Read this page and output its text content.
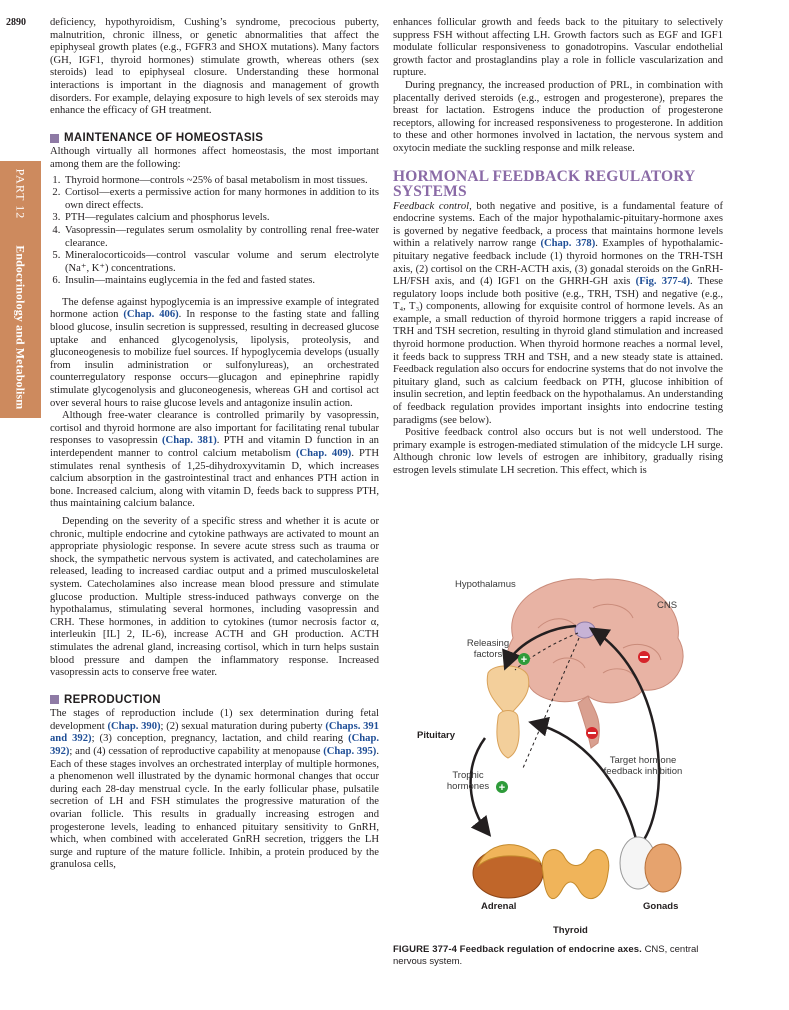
2890
PART 12Endocrinology and Metabolism

deficiency, hypothyroidism, Cushing’s syndrome, precocious puberty, malnutrition, chronic illness, or genetic abnormalities that affect the epiphyseal growth plates (e.g., FGFR3 and SHOX mutations). Many factors (GH, IGF1, thyroid hormones) stimulate growth, whereas others (sex steroids) lead to epiphyseal closure. Understanding these hormonal interactions is important in the diagnosis and management of growth disorders. For example, delaying exposure to high levels of sex steroids may enhance the efficacy of GH treatment.

MAINTENANCE OF HOMEOSTASIS

Although virtually all hormones affect homeostasis, the most important among them are the following:

1. Thyroid hormone—controls ~25% of basal metabolism in most tissues.
2. Cortisol—exerts a permissive action for many hormones in addition to its own direct effects.
3. PTH—regulates calcium and phosphorus levels.
4. Vasopressin—regulates serum osmolality by controlling renal free-water clearance.
5. Mineralocorticoids—control vascular volume and serum electrolyte (Na⁺, K⁺) concentrations.
6. Insulin—maintains euglycemia in the fed and fasted states.

The defense against hypoglycemia is an impressive example of integrated hormone action (Chap. 406). In response to the fasting state and falling blood glucose, insulin secretion is suppressed, resulting in decreased glucose uptake and enhanced glycogenolysis, lipolysis, proteolysis, and gluconeogenesis to mobilize fuel sources. If hypoglycemia develops (usually from insulin administration or sulfonylureas), an orchestrated counterregulatory response occurs—glucagon and epinephrine rapidly stimulate glycogenolysis and gluconeogenesis, whereas GH and cortisol act over several hours to raise glucose levels and antagonize insulin action.

Although free-water clearance is controlled primarily by vasopressin, cortisol and thyroid hormone are also important for facilitating renal tubular responses to vasopressin (Chap. 381). PTH and vitamin D function in an interdependent manner to control calcium metabolism (Chap. 409). PTH stimulates renal synthesis of 1,25-dihydroxyvitamin D, which increases calcium absorption in the gastrointestinal tract and enhances PTH action in bone. Increased calcium, along with vitamin D, feeds back to suppress PTH, thus maintaining calcium balance.

Depending on the severity of a specific stress and whether it is acute or chronic, multiple endocrine and cytokine pathways are activated to mount an appropriate physiologic response. In severe acute stress such as trauma or shock, the sympathetic nervous system is activated, and catecholamines are released, leading to increased cardiac output and a primed musculoskeletal system. Catecholamines also increase mean blood pressure and stimulate glucose production. Multiple stress-induced pathways converge on the hypothalamus, stimulating several hormones, including vasopressin and CRH. These hormones, in addition to cytokines (tumor necrosis factor α, interleukin [IL] 2, IL-6), increase ACTH and GH production. ACTH stimulates the adrenal gland, increasing cortisol, which in turn helps sustain blood pressure and dampen the inflammatory response. Increased vasopressin acts to conserve free water.

REPRODUCTION

The stages of reproduction include (1) sex determination during fetal development (Chap. 390); (2) sexual maturation during puberty (Chaps. 391 and 392); (3) conception, pregnancy, lactation, and child rearing (Chap. 392); and (4) cessation of reproductive capability at menopause (Chap. 395). Each of these stages involves an orchestrated interplay of multiple hormones, a phenomenon well illustrated by the dynamic hormonal changes that occur during each 28-day menstrual cycle. In the early follicular phase, pulsatile secretion of LH and FSH stimulates the progressive maturation of the ovarian follicle. This results in gradually increasing estrogen and progesterone levels, leading to enhanced pituitary sensitivity to GnRH, which, when combined with accelerated GnRH secretion, triggers the LH surge and rupture of the mature follicle. Inhibin, a protein produced by the granulosa cells,

enhances follicular growth and feeds back to the pituitary to selectively suppress FSH without affecting LH. Growth factors such as EGF and IGF1 modulate follicular responsiveness to gonadotropins. Vascular endothelial growth factor and prostaglandins play a role in follicle vascularization and rupture.

During pregnancy, the increased production of PRL, in combination with placentally derived steroids (e.g., estrogen and progesterone), prepares the breast for lactation. Estrogens induce the production of progesterone receptors, allowing for increased responsiveness to progesterone. In addition to these and other hormones involved in lactation, the nervous system and oxytocin mediate the suckling response and milk release.

HORMONAL FEEDBACK REGULATORY
SYSTEMS

Feedback control, both negative and positive, is a fundamental feature of endocrine systems. Each of the major hypothalamic-pituitary-hormone axes is governed by negative feedback, a process that maintains hormone levels within a relatively narrow range (Chap. 378). Examples of hypothalamic-pituitary negative feedback include (1) thyroid hormones on the TRH-TSH axis, (2) cortisol on the CRH-ACTH axis, (3) gonadal steroids on the GnRH-LH/FSH axis, and (4) IGF1 on the GHRH-GH axis (Fig. 377-4). These regulatory loops include both positive (e.g., TRH, TSH) and negative (e.g., T₄, T₃) components, allowing for exquisite control of hormone levels. As an example, a small reduction of thyroid hormone triggers a rapid increase of TRH and TSH secretion, resulting in thyroid gland stimulation and increased thyroid hormone production. When thyroid hormone reaches a normal level, it feeds back to suppress TRH and TSH, and a new steady state is attained. Feedback regulation also occurs for endocrine systems that do not involve the pituitary gland, such as calcium feedback on PTH, glucose inhibition of insulin secretion, and leptin feedback on the hypothalamus. An understanding of feedback regulation provides important insights into endocrine testing paradigms (see below).

Positive feedback control also occurs but is not well understood. The primary example is estrogen-mediated stimulation of the midcycle LH surge. Although chronic low levels of estrogen are inhibitory, gradually rising estrogen levels stimulate LH secretion. This effect, which is

+
+
Hypothalamus
CNS
Releasing factors
Pituitary
Target hormone feedback inhibition
Trophic hormones
Adrenal
Thyroid
Gonads
FIGURE 377-4 Feedback regulation of endocrine axes. CNS, central nervous system.
